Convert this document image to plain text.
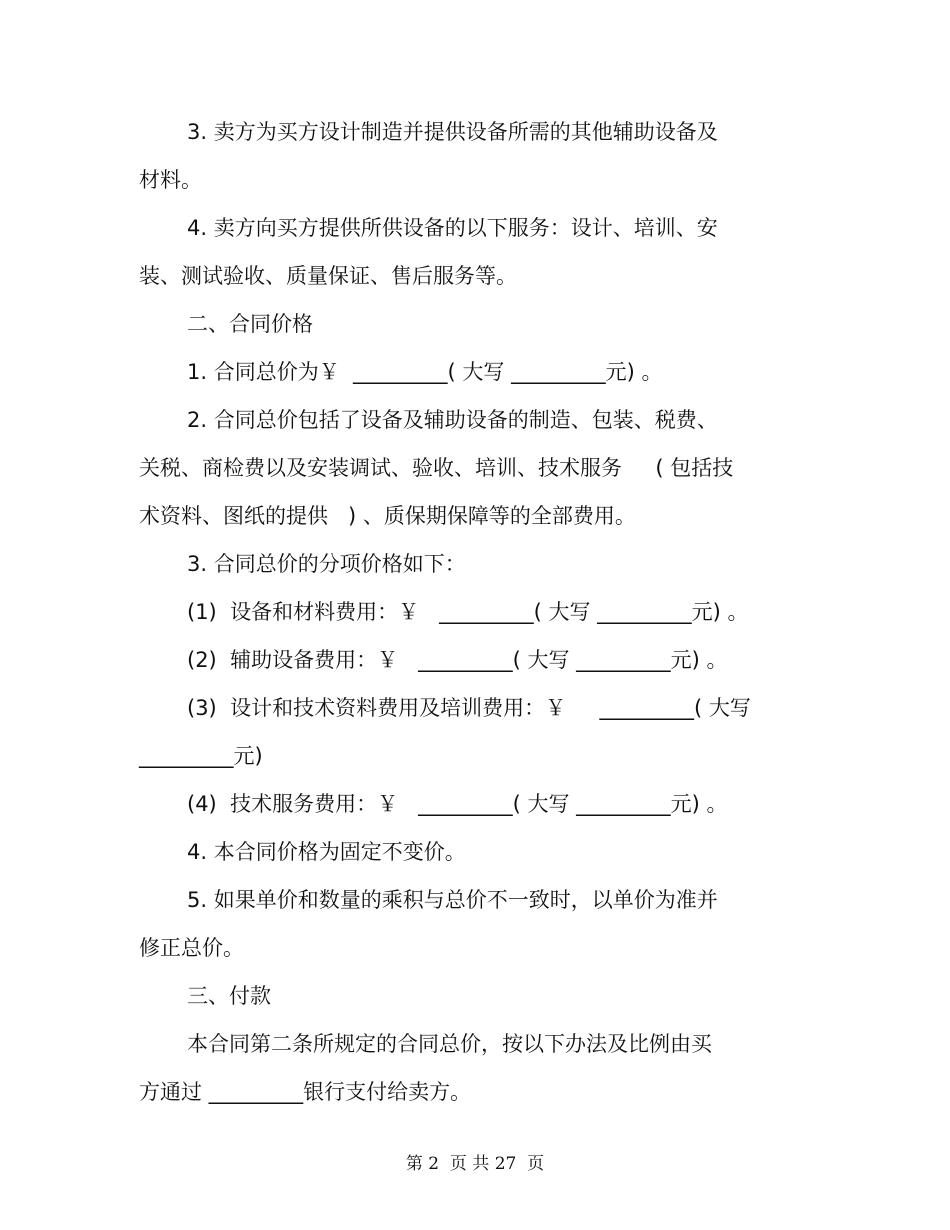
3. 卖方为买方设计制造并提供设备所需的其他辅助设备及
材料。
4. 卖方向买方提供所供设备的以下服务：设计、培训、安
装、测试验收、质量保证、售后服务等。
二、合同价格
1. 合同总价为￥  _________( 大写 _________元) 。
2. 合同总价包括了设备及辅助设备的制造、包装、税费、
关税、商检费以及安装调试、验收、培训、技术服务     ( 包括技
术资料、图纸的提供   ) 、质保期保障等的全部费用。
3. 合同总价的分项价格如下：
(1)  设备和材料费用：￥   _________( 大写 _________元) 。
(2)  辅助设备费用：￥   _________( 大写 _________元) 。
(3)  设计和技术资料费用及培训费用：￥     _________( 大写
_________元)
(4)  技术服务费用：￥   _________( 大写 _________元) 。
4. 本合同价格为固定不变价。
5. 如果单价和数量的乘积与总价不一致时，以单价为准并
修正总价。
三、付款
本合同第二条所规定的合同总价，按以下办法及比例由买
方通过 _________银行支付给卖方。
第 2  页 共 27  页
